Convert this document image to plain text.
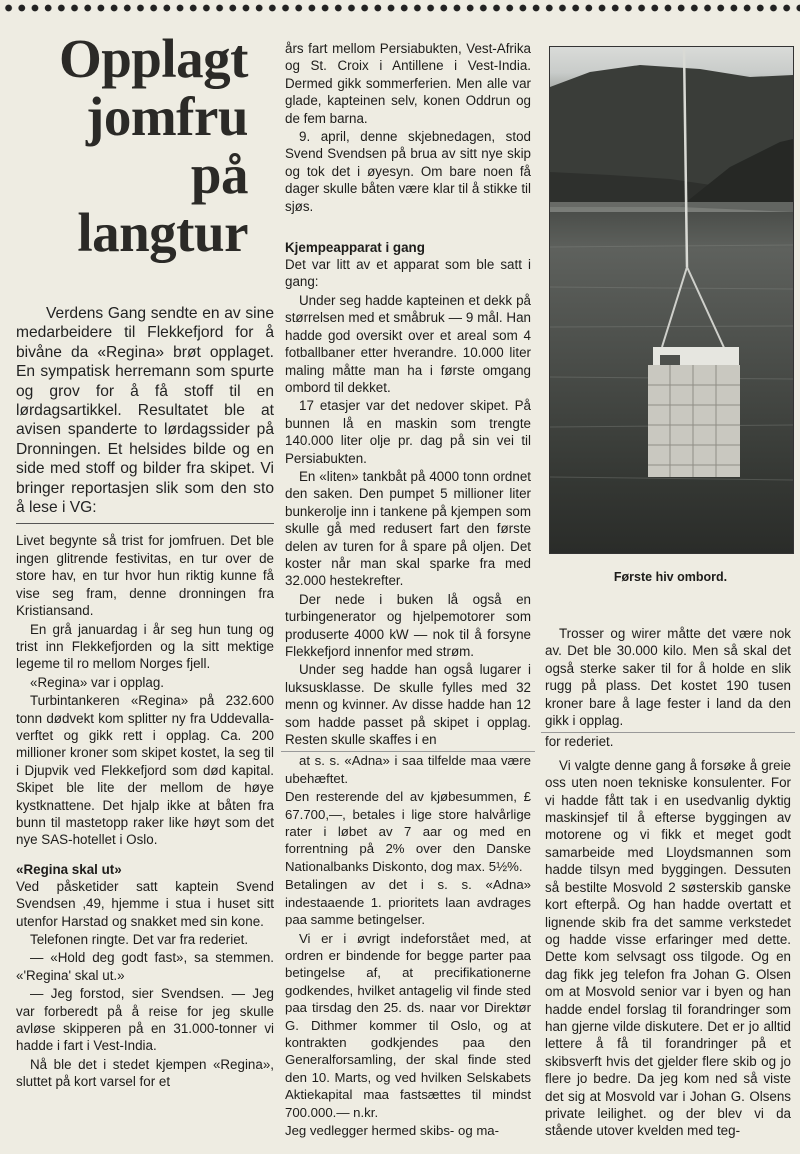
Opplagt
jomfru
på
langtur

Verdens Gang sendte en av sine medarbeidere til Flekkefjord for å bivåne da «Regina» brøt opplaget. En sympatisk herremann som spurte og grov for å få stoff til en lørdagsartikkel. Resultatet ble at avisen spanderte to lørdagssider på Dronningen. Et helsides bilde og en side med stoff og bilder fra skipet. Vi bringer reportasjen slik som den sto å lese i VG:

Livet begynte så trist for jomfruen. Det ble ingen glitrende festivitas, en tur over de store hav, en tur hvor hun riktig kunne få vise seg fram, denne dronningen fra Kristiansand.

En grå januardag i år seg hun tung og trist inn Flekkefjorden og la sitt mektige legeme til ro mellom Norges fjell.

«Regina» var i opplag.

Turbintankeren «Regina» på 232.600 tonn dødvekt kom splitter ny fra Uddevalla-verftet og gikk rett i opplag. Ca. 200 millioner kroner som skipet kostet, la seg til i Djupvik ved Flekkefjord som død kapital. Skipet ble lite der mellom de høye kystknattene. Det hjalp ikke at båten fra bunn til mastetopp raker like høyt som det nye SAS-hotellet i Oslo.

«Regina skal ut»

Ved påsketider satt kaptein Svend Svendsen ,49, hjemme i stua i huset sitt utenfor Harstad og snakket med sin kone.

Telefonen ringte. Det var fra rederiet.

— «Hold deg godt fast», sa stemmen. «'Regina' skal ut.»

— Jeg forstod, sier Svendsen. — Jeg var forberedt på å reise for jeg skulle avløse skipperen på en 31.000-tonner vi hadde i fart i Vest-India.

Nå ble det i stedet kjempen «Regina», sluttet på kort varsel for et

års fart mellom Persiabukten, Vest-Afrika og St. Croix i Antillene i Vest-India. Dermed gikk sommerferien. Men alle var glade, kapteinen selv, konen Oddrun og de fem barna.

9. april, denne skjebnedagen, stod Svend Svendsen på brua av sitt nye skip og tok det i øyesyn. Om bare noen få dager skulle båten være klar til å stikke til sjøs.

Kjempeapparat i gang

Det var litt av et apparat som ble satt i gang:

Under seg hadde kapteinen et dekk på størrelsen med et småbruk — 9 mål. Han hadde god oversikt over et areal som 4 fotballbaner etter hverandre. 10.000 liter maling måtte man ha i første omgang ombord til dekket.

17 etasjer var det nedover skipet. På bunnen lå en maskin som trengte 140.000 liter olje pr. dag på sin vei til Persiabukten.

En «liten» tankbåt på 4000 tonn ordnet den saken. Den pumpet 5 millioner liter bunkerolje inn i tankene på kjempen som skulle gå med redusert fart den første delen av turen for å spare på oljen. Det koster når man skal sparke fra med 32.000 hestekrefter.

Der nede i buken lå også en turbingenerator og hjelpemotorer som produserte 4000 kW — nok til å forsyne Flekkefjord innenfor med strøm.

Under seg hadde han også lugarer i luksusklasse. De skulle fylles med 32 menn og kvinner. Av disse hadde han 12 som hadde passet på skipet i opplag. Resten skulle skaffes i en

at s. s. «Adna» i saa tilfelde maa være ubehæftet.

Den resterende del av kjøbesummen, £ 67.700,—, betales i lige store halvårlige rater i løbet av 7 aar og med en forrentning på 2% over den Danske Nationalbanks Diskonto, dog max. 5½%.

Betalingen av det i s. s. «Adna» indestaaende 1. prioritets laan avdrages paa samme betingelser.

Vi er i øvrigt indeforstået med, at ordren er bindende for begge parter paa betingelse af, at precifikationerne godkendes, hvilket antagelig vil finde sted paa tirsdag den 25. ds. naar vor Direktør G. Dithmer kommer til Oslo, og at kontrakten godkjendes paa den Generalforsamling, der skal finde sted den 10. Marts, og ved hvilken Selskabets Aktiekapital maa fastsættes til mindst 700.000.— n.kr.

Jeg vedlegger hermed skibs- og ma-

Første hiv ombord.

Trosser og wirer måtte det være nok av. Det ble 30.000 kilo. Men så skal det også sterke saker til for å holde en slik rugg på plass. Det kostet 190 tusen kroner bare å lage fester i land da den gikk i opplag.

for rederiet.

Vi valgte denne gang å forsøke å greie oss uten noen tekniske konsulenter. For vi hadde fått tak i en usedvanlig dyktig maskinsjef til å efterse byggingen av motorene og vi fikk et meget godt samarbeide med Lloydsmannen som hadde tilsyn med byggingen. Dessuten så bestilte Mosvold 2 søsterskib ganske kort efterpå. Og han hadde overtatt et lignende skib fra det samme verkstedet og hadde visse erfaringer med dette. Dette kom selvsagt oss tilgode. Og en dag fikk jeg telefon fra Johan G. Olsen om at Mosvold senior var i byen og han hadde endel forslag til forandringer som han gjerne vilde diskutere. Det er jo alltid lettere å få til forandringer på et skibsverft hvis det gjelder flere skib og jo flere jo bedre. Da jeg kom ned så viste det sig at Mosvold var i Johan G. Olsens private leilighet. og der blev vi da stående utover kvelden med teg-
